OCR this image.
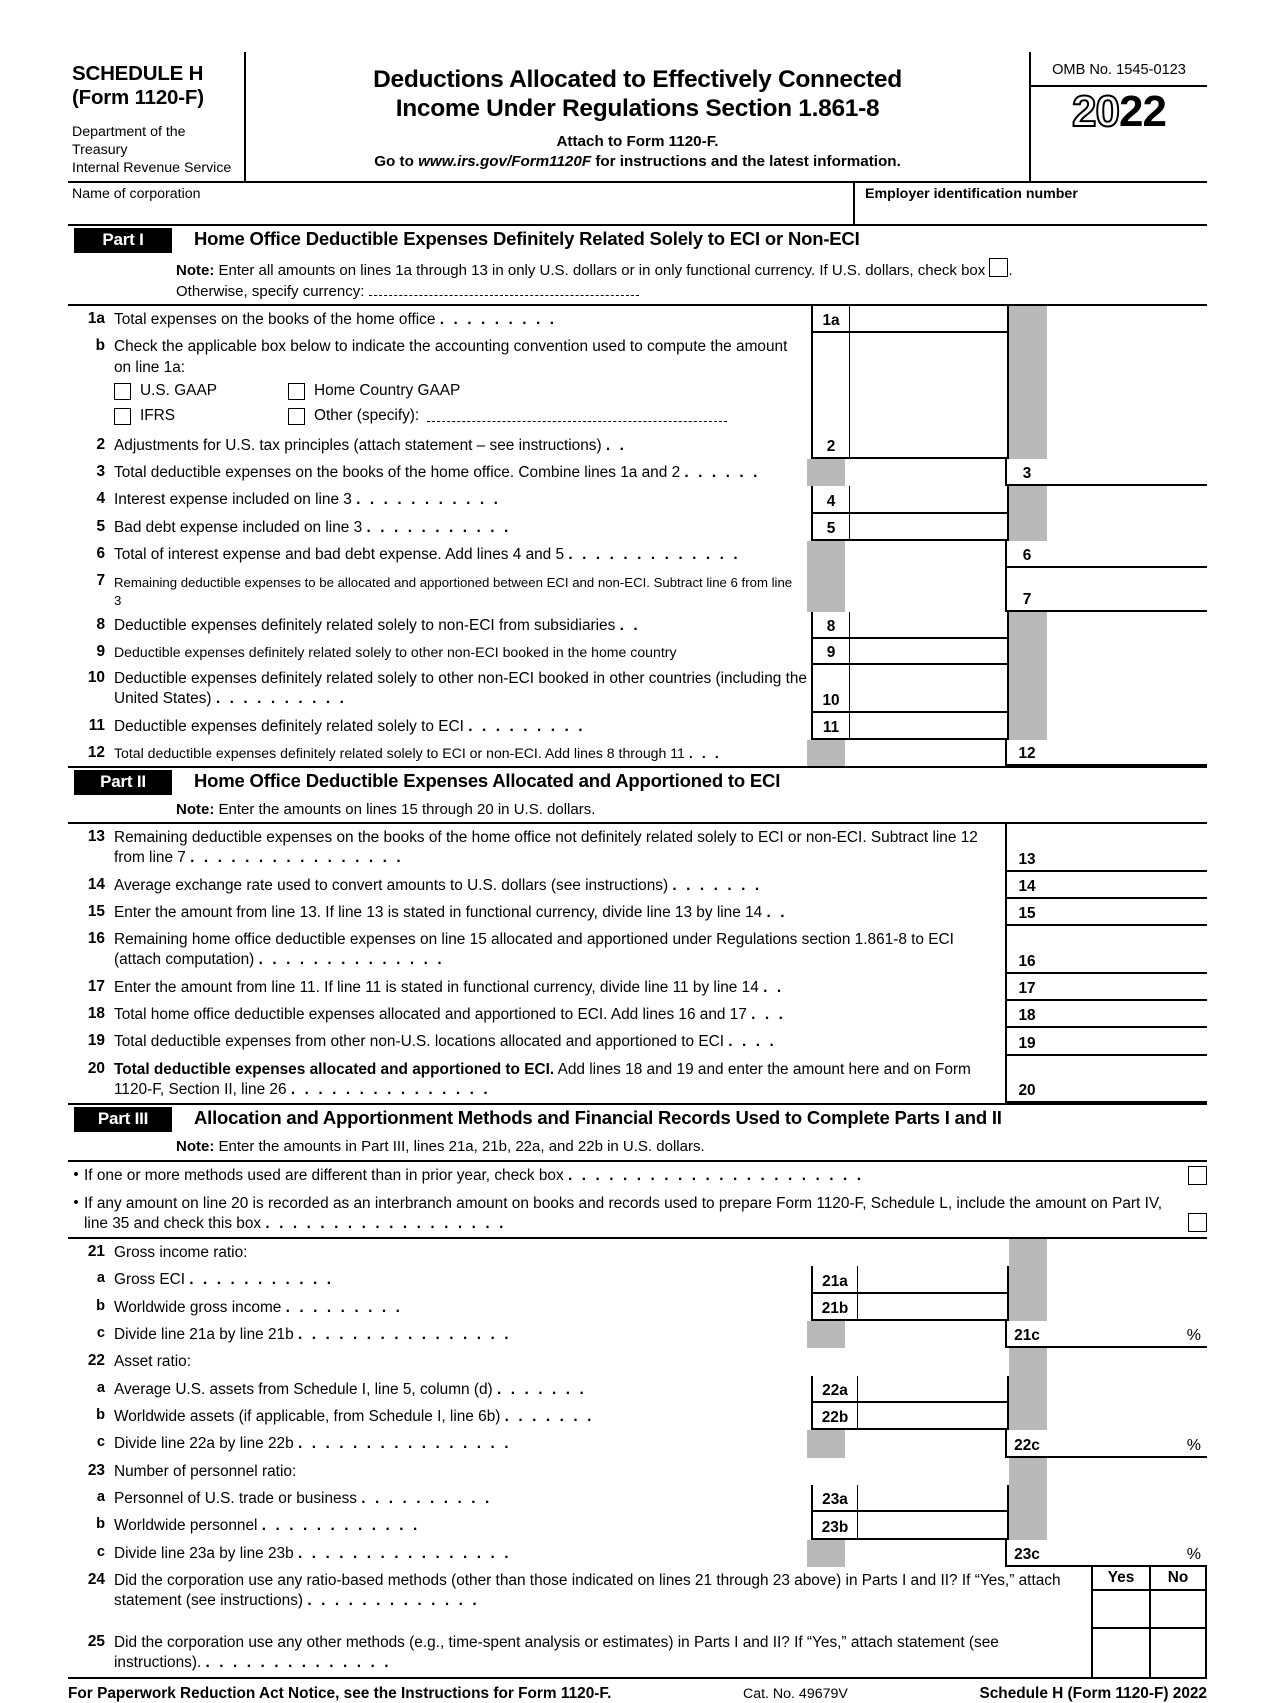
SCHEDULE H
(Form 1120-F)
Department of the Treasury
Internal Revenue Service
Deductions Allocated to Effectively Connected
Income Under Regulations Section 1.861-8
Attach to Form 1120-F.
Go to www.irs.gov/Form1120F for instructions and the latest information.
OMB No. 1545-0123
2022
Name of corporation	Employer identification number
Part I	Home Office Deductible Expenses Definitely Related Solely to ECI or Non-ECI
Note: Enter all amounts on lines 1a through 13 in only U.S. dollars or in only functional currency. If U.S. dollars, check box .
Otherwise, specify currency:
1a Total expenses on the books of the home office . . . . . . . . .	1a
b Check the applicable box below to indicate the accounting convention used to compute the amount on line 1a:
U.S. GAAP	Home Country GAAP
IFRS	Other (specify):
2 Adjustments for U.S. tax principles (attach statement – see instructions) . .	2
3 Total deductible expenses on the books of the home office. Combine lines 1a and 2 . . . . . .	3
4 Interest expense included on line 3 . . . . . . . . . . .	4
5 Bad debt expense included on line 3 . . . . . . . . . . .	5
6 Total of interest expense and bad debt expense. Add lines 4 and 5 . . . . . . . . . . . . .	6
7 Remaining deductible expenses to be allocated and apportioned between ECI and non-ECI. Subtract line 6 from line 3	7
8 Deductible expenses definitely related solely to non-ECI from subsidiaries . .	8
9 Deductible expenses definitely related solely to other non-ECI booked in the home country	9
10 Deductible expenses definitely related solely to other non-ECI booked in other countries (including the United States) . . . . . . . . . .	10
11 Deductible expenses definitely related solely to ECI . . . . . . . . .	11
12 Total deductible expenses definitely related solely to ECI or non-ECI. Add lines 8 through 11 . . .	12
Part II	Home Office Deductible Expenses Allocated and Apportioned to ECI
Note: Enter the amounts on lines 15 through 20 in U.S. dollars.
13 Remaining deductible expenses on the books of the home office not definitely related solely to ECI or non-ECI. Subtract line 12 from line 7 . . . . . . . . . . . . . . . .	13
14 Average exchange rate used to convert amounts to U.S. dollars (see instructions) . . . . . . .	14
15 Enter the amount from line 13. If line 13 is stated in functional currency, divide line 13 by line 14 . .	15
16 Remaining home office deductible expenses on line 15 allocated and apportioned under Regulations section 1.861-8 to ECI (attach computation) . . . . . . . . . . . . . .	16
17 Enter the amount from line 11. If line 11 is stated in functional currency, divide line 11 by line 14 . .	17
18 Total home office deductible expenses allocated and apportioned to ECI. Add lines 16 and 17 . . .	18
19 Total deductible expenses from other non-U.S. locations allocated and apportioned to ECI . . . .	19
20 Total deductible expenses allocated and apportioned to ECI. Add lines 18 and 19 and enter the amount here and on Form 1120-F, Section II, line 26 . . . . . . . . . . . . . . .	20
Part III	Allocation and Apportionment Methods and Financial Records Used to Complete Parts I and II
Note: Enter the amounts in Part III, lines 21a, 21b, 22a, and 22b in U.S. dollars.
• If one or more methods used are different than in prior year, check box . . . . . . . . . . . . . . . . . . . . . .
• If any amount on line 20 is recorded as an interbranch amount on books and records used to prepare Form 1120-F, Schedule L, include the amount on Part IV, line 35 and check this box . . . . . . . . . . . . . . . . . .
21 Gross income ratio:
a Gross ECI . . . . . . . . . . .	21a
b Worldwide gross income . . . . . . . . .	21b
c Divide line 21a by line 21b . . . . . . . . . . . . . . . .	21c	%
22 Asset ratio:
a Average U.S. assets from Schedule I, line 5, column (d) . . . . . . .	22a
b Worldwide assets (if applicable, from Schedule I, line 6b) . . . . . . .	22b
c Divide line 22a by line 22b . . . . . . . . . . . . . . . .	22c	%
23 Number of personnel ratio:
a Personnel of U.S. trade or business . . . . . . . . . .	23a
b Worldwide personnel . . . . . . . . . . . .	23b
c Divide line 23a by line 23b . . . . . . . . . . . . . . . .	23c	%
24 Did the corporation use any ratio-based methods (other than those indicated on lines 21 through 23 above) in Parts I and II? If “Yes,” attach statement (see instructions) . . . . . . . . . . . . .
Yes	No
25 Did the corporation use any other methods (e.g., time-spent analysis or estimates) in Parts I and II? If “Yes,” attach statement (see instructions). . . . . . . . . . . . . . .
For Paperwork Reduction Act Notice, see the Instructions for Form 1120-F.	Cat. No. 49679V	Schedule H (Form 1120-F) 2022
